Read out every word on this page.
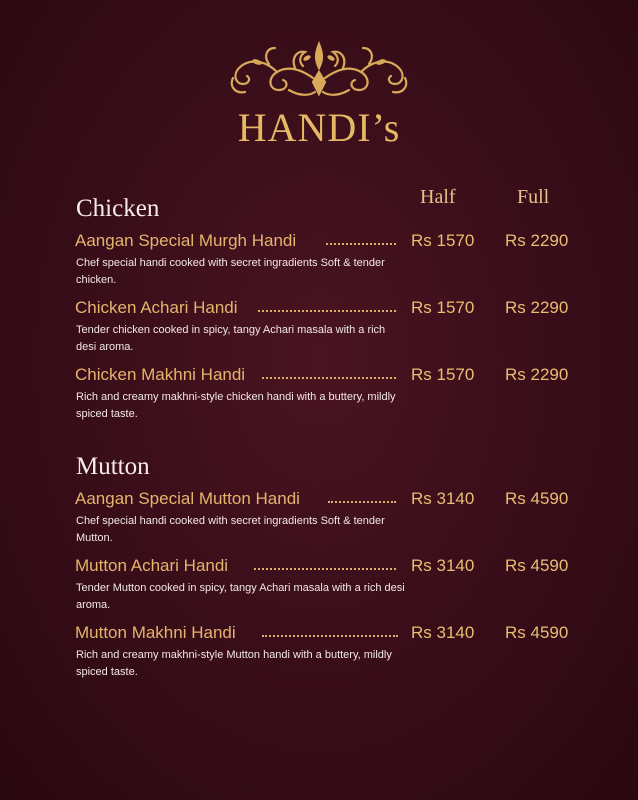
HANDI’s
Half	Full
Chicken
Aangan Special Murgh Handi	Rs 1570 Rs 2290
Chef special handi cooked with secret ingradients Soft & tender chicken.
Chicken Achari Handi	Rs 1570 Rs 2290
Tender chicken cooked in spicy, tangy Achari masala with a rich desi aroma.
Chicken Makhni Handi	Rs 1570 Rs 2290
Rich and creamy makhni-style chicken handi with a buttery, mildly spiced taste.
Mutton
Aangan Special Mutton Handi	Rs 3140 Rs 4590
Chef special handi cooked with secret ingradients Soft & tender Mutton.
Mutton Achari Handi	Rs 3140 Rs 4590
Tender Mutton cooked in spicy, tangy Achari masala with a rich desi aroma.
Mutton Makhni Handi	Rs 3140 Rs 4590
Rich and creamy makhni-style Mutton handi with a buttery, mildly spiced taste.
